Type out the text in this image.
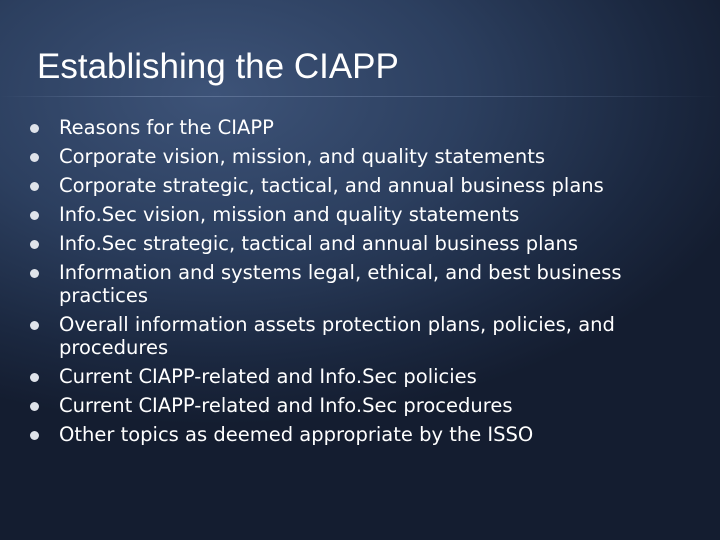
Establishing the CIAPP
Reasons for the CIAPP
Corporate vision, mission, and quality statements
Corporate strategic, tactical, and annual business plans
Info.Sec vision, mission and quality statements
Info.Sec strategic, tactical and annual business plans
Information and systems legal, ethical, and best business practices
Overall information assets protection plans, policies, and procedures
Current CIAPP-related and Info.Sec policies
Current CIAPP-related and Info.Sec procedures
Other topics as deemed appropriate by the ISSO
